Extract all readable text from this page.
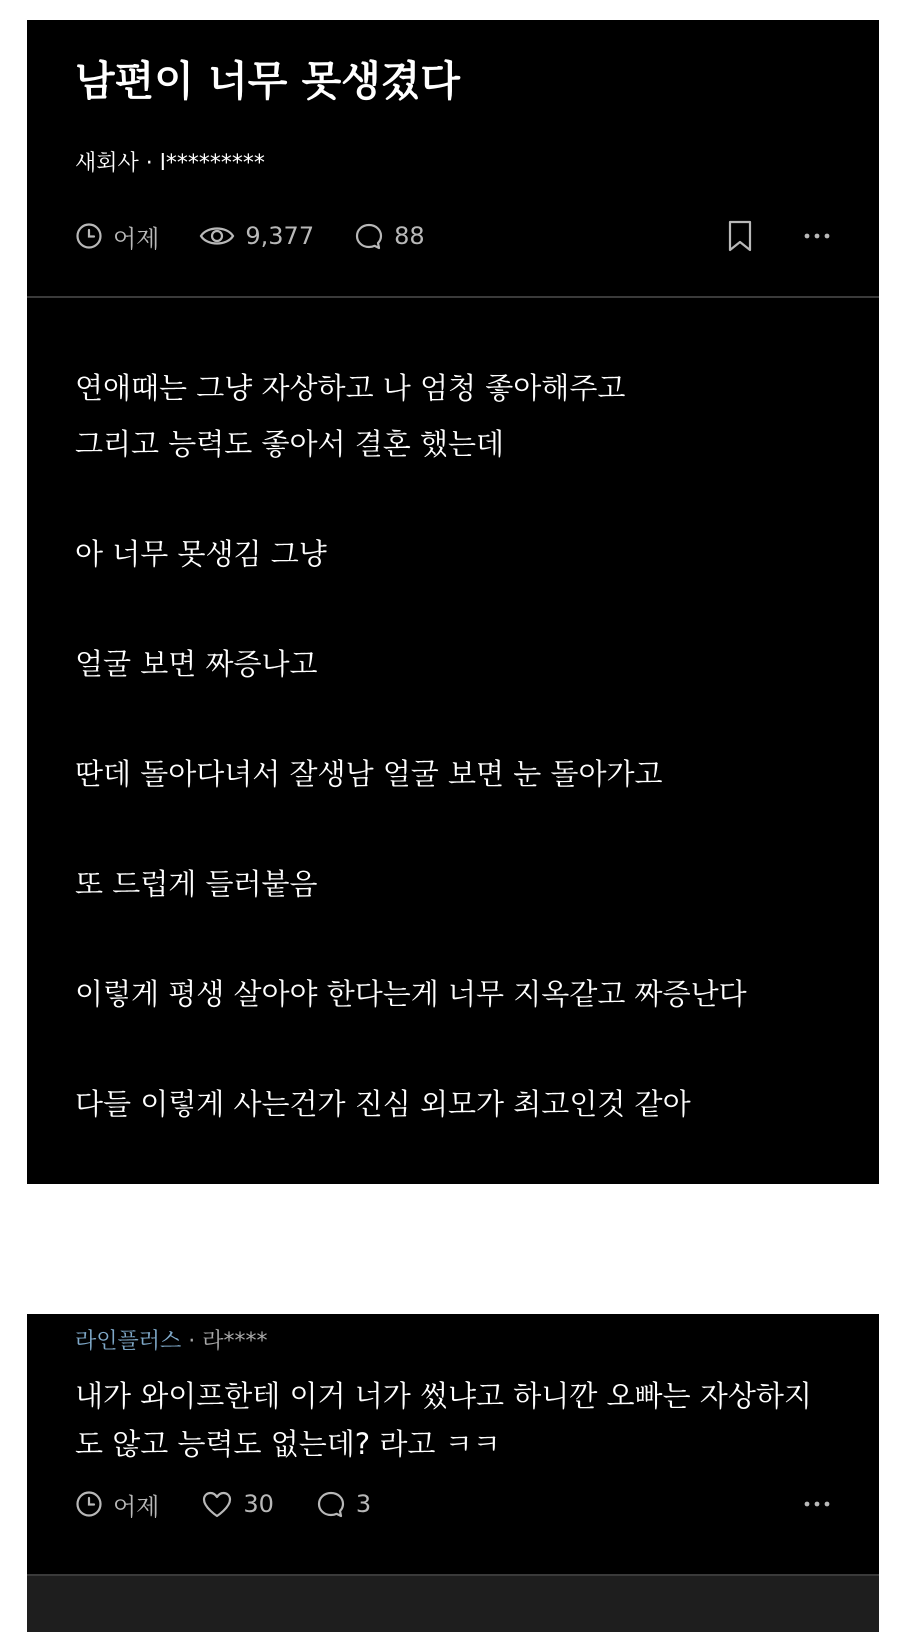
남편이 너무 못생겼다
새회사 · l*********
어제	9,377	88
연애때는 그냥 자상하고 나 엄청 좋아해주고
그리고 능력도 좋아서 결혼 했는데
아 너무 못생김 그냥
얼굴 보면 짜증나고
딴데 돌아다녀서 잘생남 얼굴 보면 눈 돌아가고
또 드럽게 들러붙음
이렇게 평생 살아야 한다는게 너무 지옥같고 짜증난다
다들 이렇게 사는건가 진심 외모가 최고인것 같아
라인플러스 · 라****
내가 와이프한테 이거 너가 썼냐고 하니깐 오빠는 자상하지
도 않고 능력도 없는데? 라고 ㅋㅋ
어제	30	3
